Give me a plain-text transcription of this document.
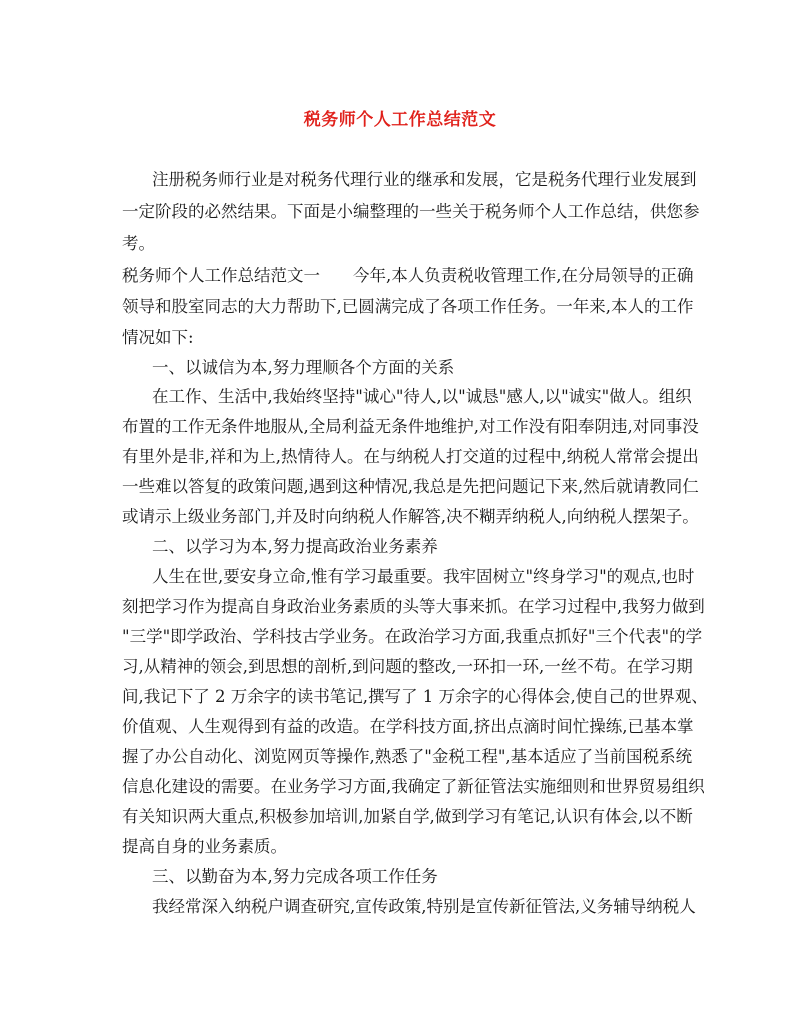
税务师个人工作总结范文
注册税务师行业是对税务代理行业的继承和发展，它是税务代理行业发展到
一定阶段的必然结果。下面是小编整理的一些关于税务师个人工作总结，供您参
考。
税务师个人工作总结范文一　　今年,本人负责税收管理工作,在分局领导的正确
领导和股室同志的大力帮助下,已圆满完成了各项工作任务。一年来,本人的工作
情况如下:
一、以诚信为本,努力理顺各个方面的关系
在工作、生活中,我始终坚持"诚心"待人,以"诚恳"感人,以"诚实"做人。组织
布置的工作无条件地服从,全局利益无条件地维护,对工作没有阳奉阴违,对同事没
有里外是非,祥和为上,热情待人。在与纳税人打交道的过程中,纳税人常常会提出
一些难以答复的政策问题,遇到这种情况,我总是先把问题记下来,然后就请教同仁
或请示上级业务部门,并及时向纳税人作解答,决不糊弄纳税人,向纳税人摆架子。
二、以学习为本,努力提高政治业务素养
人生在世,要安身立命,惟有学习最重要。我牢固树立"终身学习"的观点,也时
刻把学习作为提高自身政治业务素质的头等大事来抓。在学习过程中,我努力做到
"三学"即学政治、学科技古学业务。在政治学习方面,我重点抓好"三个代表"的学
习,从精神的领会,到思想的剖析,到问题的整改,一环扣一环,一丝不苟。在学习期
间,我记下了 2 万余字的读书笔记,撰写了 1 万余字的心得体会,使自己的世界观、
价值观、人生观得到有益的改造。在学科技方面,挤出点滴时间忙操练,已基本掌
握了办公自动化、浏览网页等操作,熟悉了"金税工程",基本适应了当前国税系统
信息化建设的需要。在业务学习方面,我确定了新征管法实施细则和世界贸易组织
有关知识两大重点,积极参加培训,加紧自学,做到学习有笔记,认识有体会,以不断
提高自身的业务素质。
三、以勤奋为本,努力完成各项工作任务
我经常深入纳税户调查研究,宣传政策,特别是宣传新征管法,义务辅导纳税人
